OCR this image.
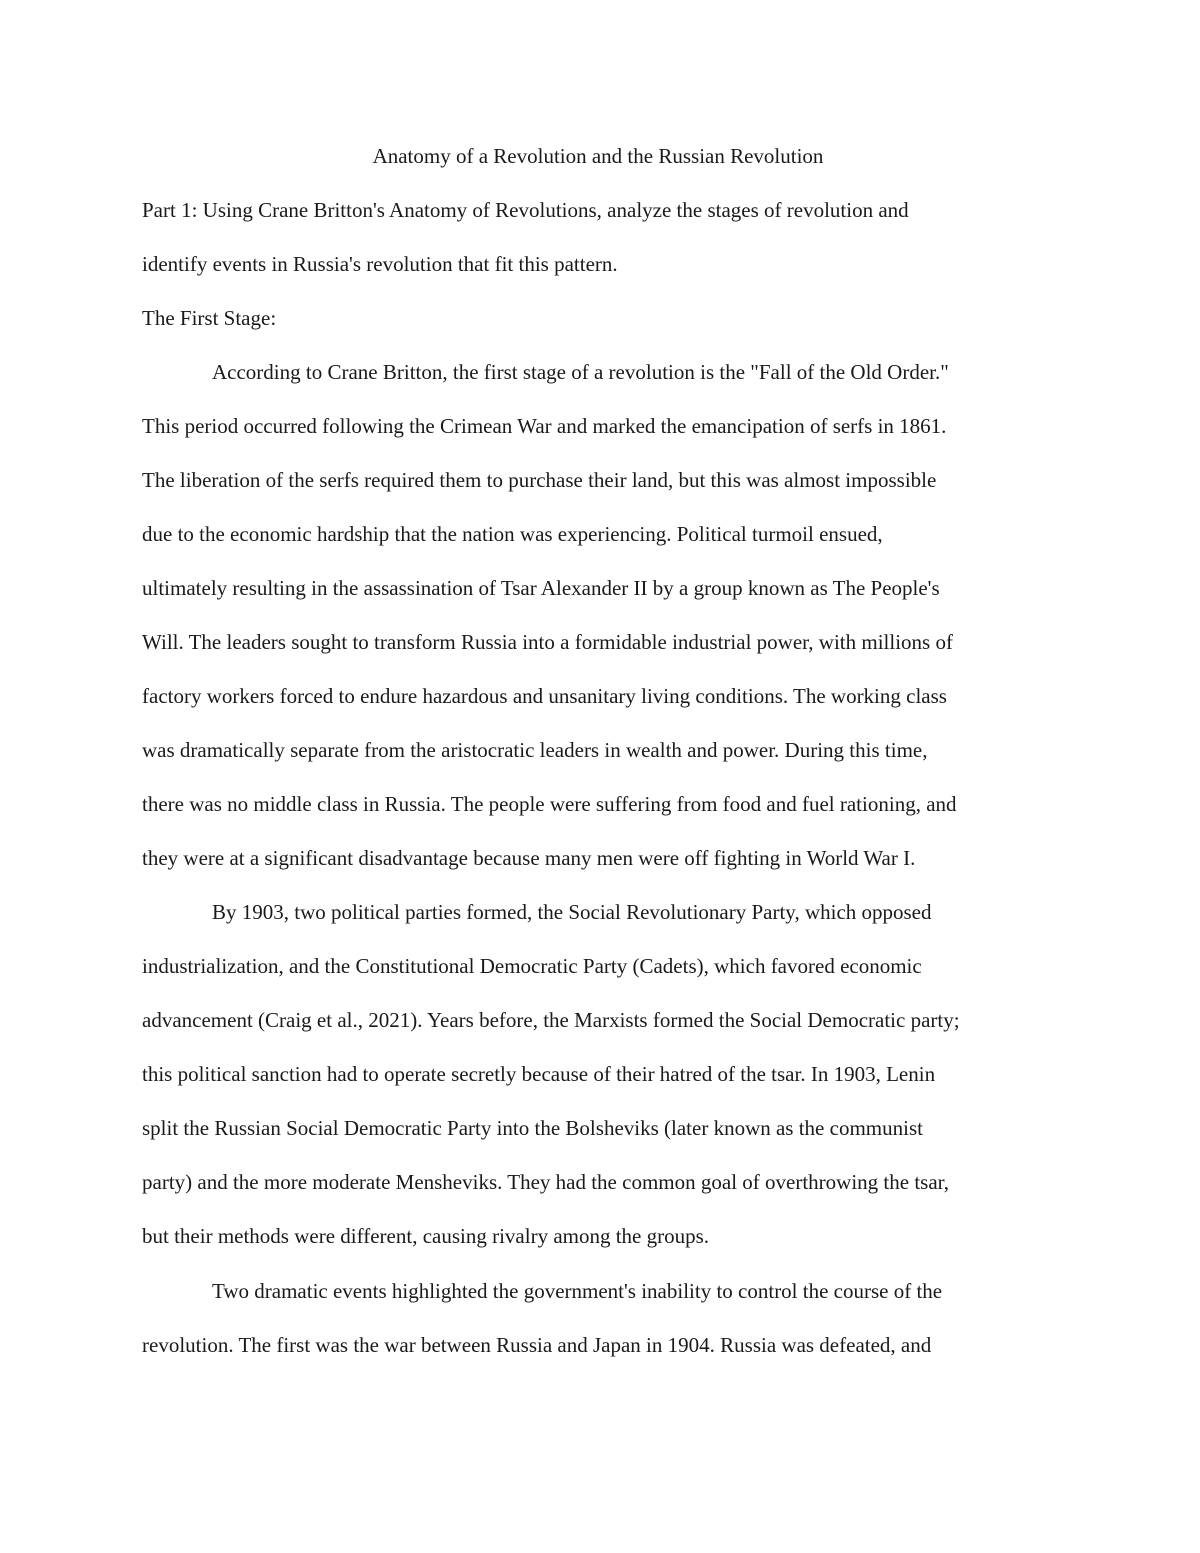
Anatomy of a Revolution and the Russian Revolution

Part 1: Using Crane Britton's Anatomy of Revolutions, analyze the stages of revolution and

identify events in Russia's revolution that fit this pattern.

The First Stage:

According to Crane Britton, the first stage of a revolution is the "Fall of the Old Order."

This period occurred following the Crimean War and marked the emancipation of serfs in 1861.

The liberation of the serfs required them to purchase their land, but this was almost impossible

due to the economic hardship that the nation was experiencing. Political turmoil ensued,

ultimately resulting in the assassination of Tsar Alexander II by a group known as The People's

Will. The leaders sought to transform Russia into a formidable industrial power, with millions of

factory workers forced to endure hazardous and unsanitary living conditions. The working class

was dramatically separate from the aristocratic leaders in wealth and power. During this time,

there was no middle class in Russia. The people were suffering from food and fuel rationing, and

they were at a significant disadvantage because many men were off fighting in World War I.

By 1903, two political parties formed, the Social Revolutionary Party, which opposed

industrialization, and the Constitutional Democratic Party (Cadets), which favored economic

advancement (Craig et al., 2021). Years before, the Marxists formed the Social Democratic party;

this political sanction had to operate secretly because of their hatred of the tsar. In 1903, Lenin

split the Russian Social Democratic Party into the Bolsheviks (later known as the communist

party) and the more moderate Mensheviks. They had the common goal of overthrowing the tsar,

but their methods were different, causing rivalry among the groups.

Two dramatic events highlighted the government's inability to control the course of the

revolution. The first was the war between Russia and Japan in 1904. Russia was defeated, and
